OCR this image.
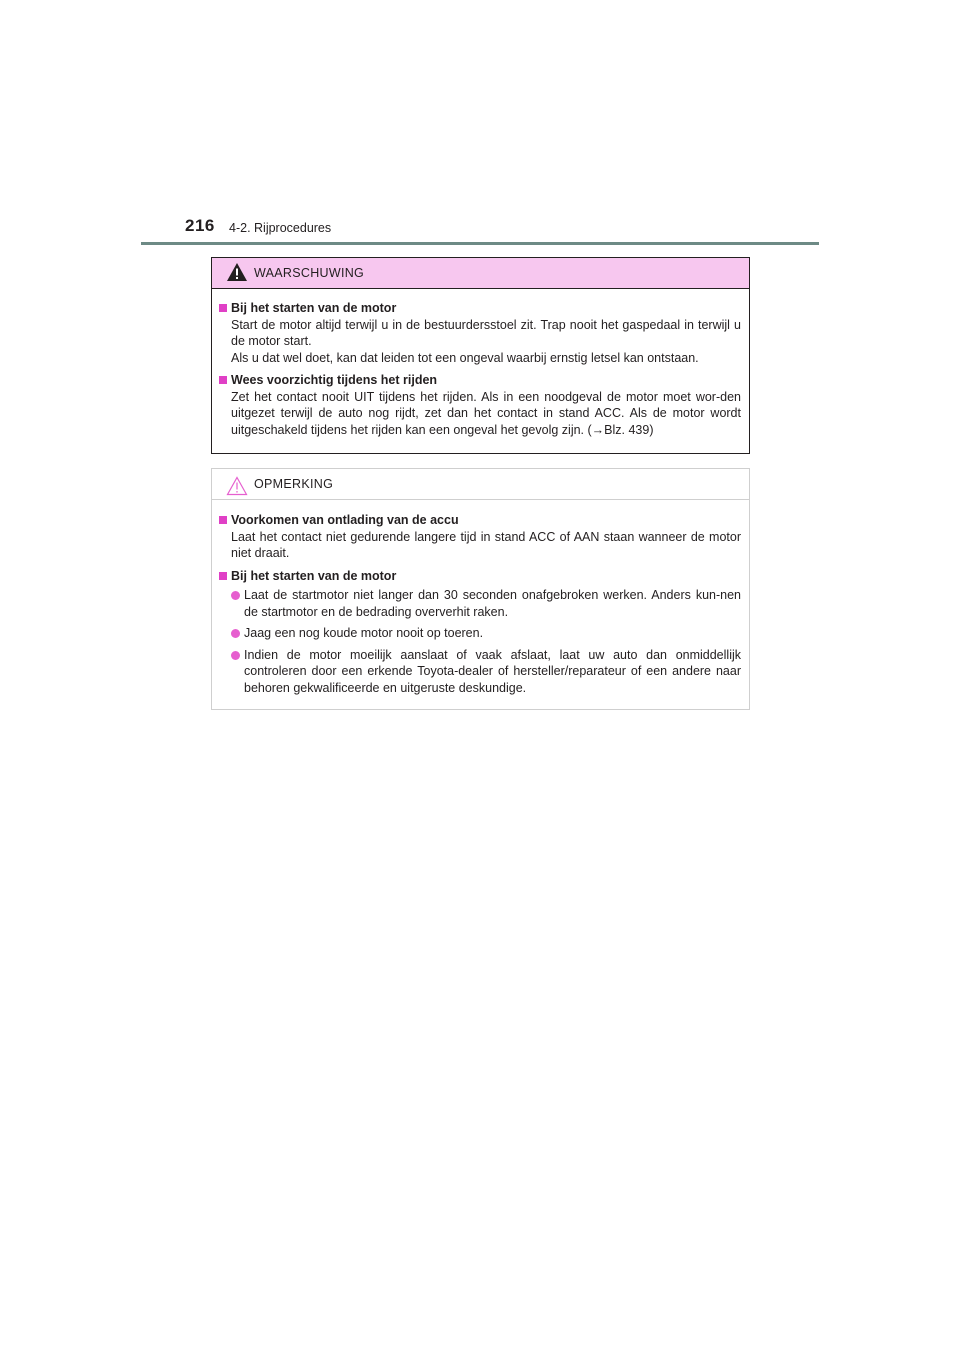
216 4-2. Rijprocedures
WAARSCHUWING
Bij het starten van de motor
Start de motor altijd terwijl u in de bestuurdersstoel zit. Trap nooit het gaspedaal in terwijl u de motor start.
Als u dat wel doet, kan dat leiden tot een ongeval waarbij ernstig letsel kan ontstaan.
Wees voorzichtig tijdens het rijden
Zet het contact nooit UIT tijdens het rijden. Als in een noodgeval de motor moet wor-den uitgezet terwijl de auto nog rijdt, zet dan het contact in stand ACC. Als de motor wordt uitgeschakeld tijdens het rijden kan een ongeval het gevolg zijn. (→Blz. 439)
OPMERKING
Voorkomen van ontlading van de accu
Laat het contact niet gedurende langere tijd in stand ACC of AAN staan wanneer de motor niet draait.
Bij het starten van de motor
Laat de startmotor niet langer dan 30 seconden onafgebroken werken. Anders kun-nen de startmotor en de bedrading oververhit raken.
Jaag een nog koude motor nooit op toeren.
Indien de motor moeilijk aanslaat of vaak afslaat, laat uw auto dan onmiddellijk controleren door een erkende Toyota-dealer of hersteller/reparateur of een andere naar behoren gekwalificeerde en uitgeruste deskundige.
